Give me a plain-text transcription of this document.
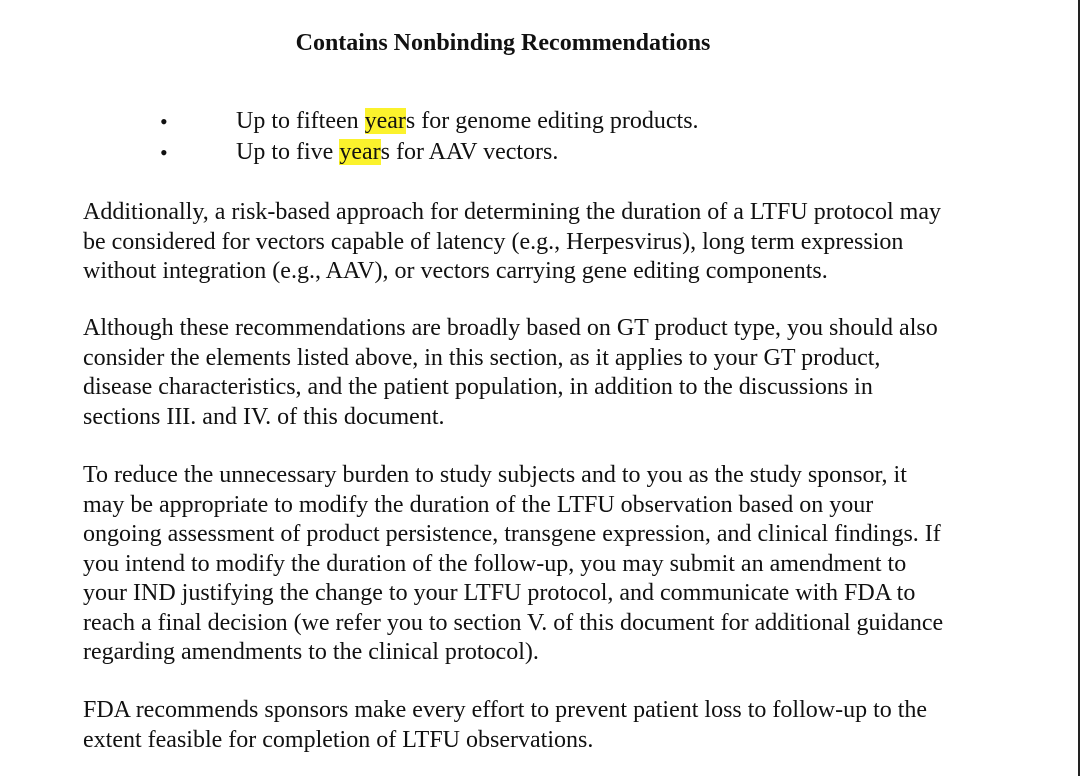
Contains Nonbinding Recommendations
•	Up to fifteen years for genome editing products.
•	Up to five years for AAV vectors.

Additionally, a risk-based approach for determining the duration of a LTFU protocol may
be considered for vectors capable of latency (e.g., Herpesvirus), long term expression
without integration (e.g., AAV), or vectors carrying gene editing components.

Although these recommendations are broadly based on GT product type, you should also
consider the elements listed above, in this section, as it applies to your GT product,
disease characteristics, and the patient population, in addition to the discussions in
sections III. and IV. of this document.

To reduce the unnecessary burden to study subjects and to you as the study sponsor, it
may be appropriate to modify the duration of the LTFU observation based on your
ongoing assessment of product persistence, transgene expression, and clinical findings. If
you intend to modify the duration of the follow-up, you may submit an amendment to
your IND justifying the change to your LTFU protocol, and communicate with FDA to
reach a final decision (we refer you to section V. of this document for additional guidance
regarding amendments to the clinical protocol).

FDA recommends sponsors make every effort to prevent patient loss to follow-up to the
extent feasible for completion of LTFU observations.
